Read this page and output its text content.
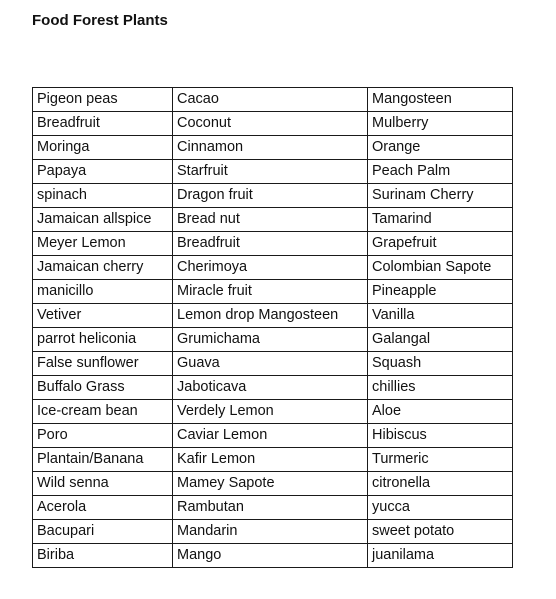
Food Forest Plants
Pigeon peas	Cacao	Mangosteen
Breadfruit	Coconut	Mulberry
Moringa	Cinnamon	Orange
Papaya	Starfruit	Peach Palm
spinach	Dragon fruit	Surinam Cherry
Jamaican allspice	Bread nut	Tamarind
Meyer Lemon	Breadfruit	Grapefruit
Jamaican cherry	Cherimoya	Colombian Sapote
manicillo	Miracle fruit	Pineapple
Vetiver	Lemon drop Mangosteen	Vanilla
parrot heliconia	Grumichama	Galangal
False sunflower	Guava	Squash
Buffalo Grass	Jaboticava	chillies
Ice-cream bean	Verdely Lemon	Aloe
Poro	Caviar Lemon	Hibiscus
Plantain/Banana	Kafir Lemon	Turmeric
Wild senna	Mamey Sapote	citronella
Acerola	Rambutan	yucca
Bacupari	Mandarin	sweet potato
Biriba	Mango	juanilama
